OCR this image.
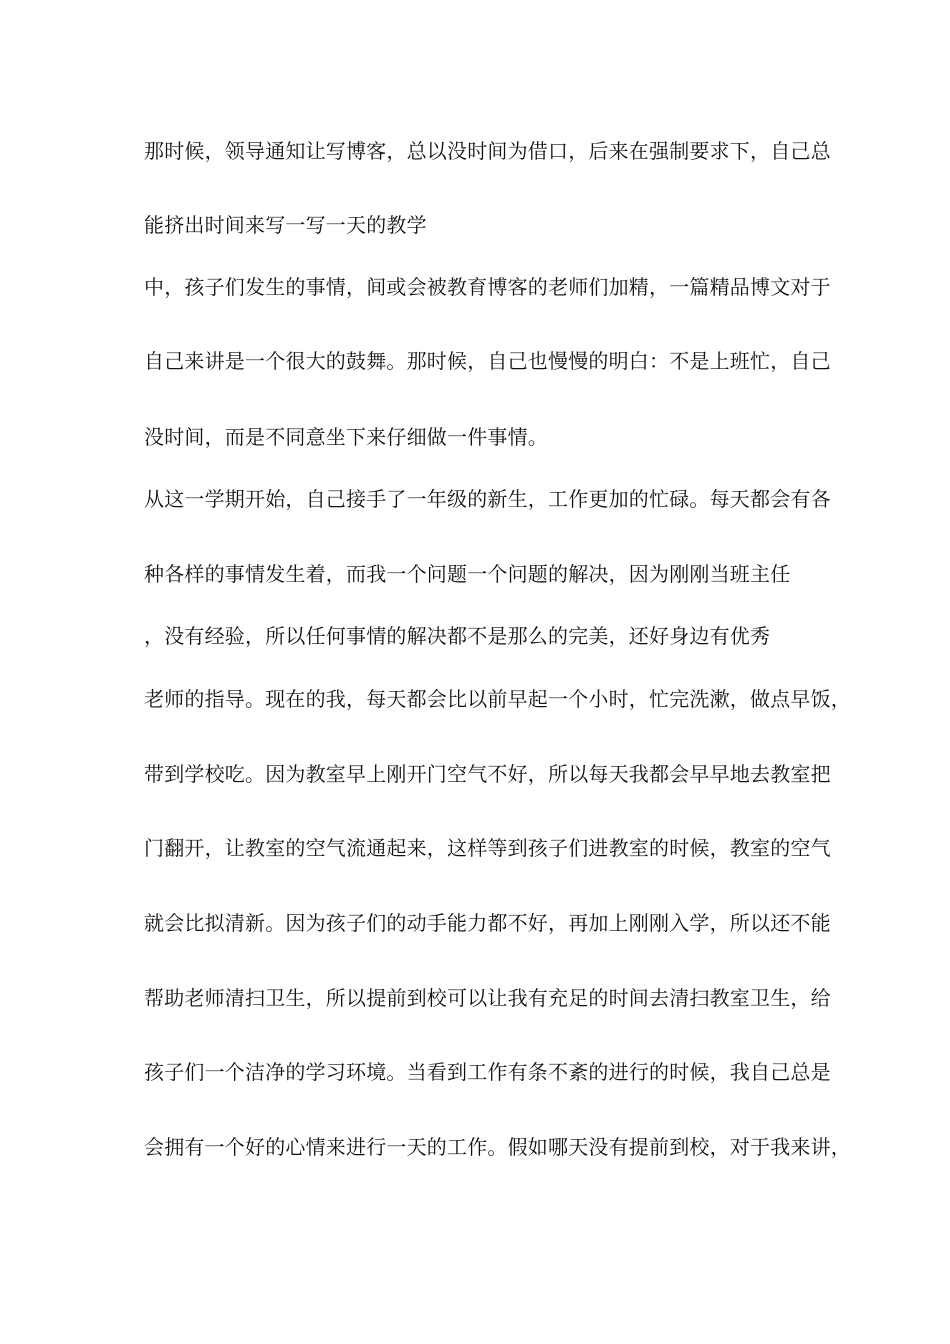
那时候，领导通知让写博客，总以没时间为借口，后来在强制要求下，自己总

能挤出时间来写一写一天的教学

中，孩子们发生的事情，间或会被教育博客的老师们加精，一篇精品博文对于

自己来讲是一个很大的鼓舞。那时候，自己也慢慢的明白：不是上班忙，自己

没时间，而是不同意坐下来仔细做一件事情。

从这一学期开始，自己接手了一年级的新生，工作更加的忙碌。每天都会有各

种各样的事情发生着，而我一个问题一个问题的解决，因为刚刚当班主任

，没有经验，所以任何事情的解决都不是那么的完美，还好身边有优秀

老师的指导。现在的我，每天都会比以前早起一个小时，忙完洗漱，做点早饭，

带到学校吃。因为教室早上刚开门空气不好，所以每天我都会早早地去教室把

门翻开，让教室的空气流通起来，这样等到孩子们进教室的时候，教室的空气

就会比拟清新。因为孩子们的动手能力都不好，再加上刚刚入学，所以还不能

帮助老师清扫卫生，所以提前到校可以让我有充足的时间去清扫教室卫生，给

孩子们一个洁净的学习环境。当看到工作有条不紊的进行的时候，我自己总是

会拥有一个好的心情来进行一天的工作。假如哪天没有提前到校，对于我来讲，
